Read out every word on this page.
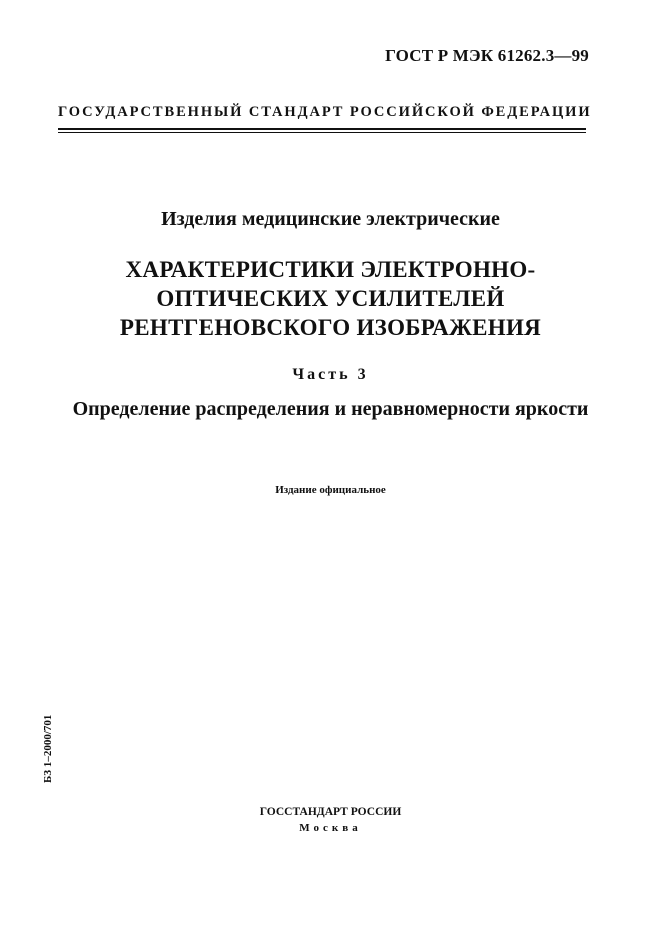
ГОСТ Р МЭК 61262.3—99
ГОСУДАРСТВЕННЫЙ СТАНДАРТ РОССИЙСКОЙ ФЕДЕРАЦИИ
Изделия медицинские электрические
ХАРАКТЕРИСТИКИ ЭЛЕКТРОННО-
ОПТИЧЕСКИХ УСИЛИТЕЛЕЙ
РЕНТГЕНОВСКОГО ИЗОБРАЖЕНИЯ
Часть 3
Определение распределения и неравномерности яркости
Издание официальное
БЗ 1–2000/701
ГОССТАНДАРТ РОССИИ
Москва
